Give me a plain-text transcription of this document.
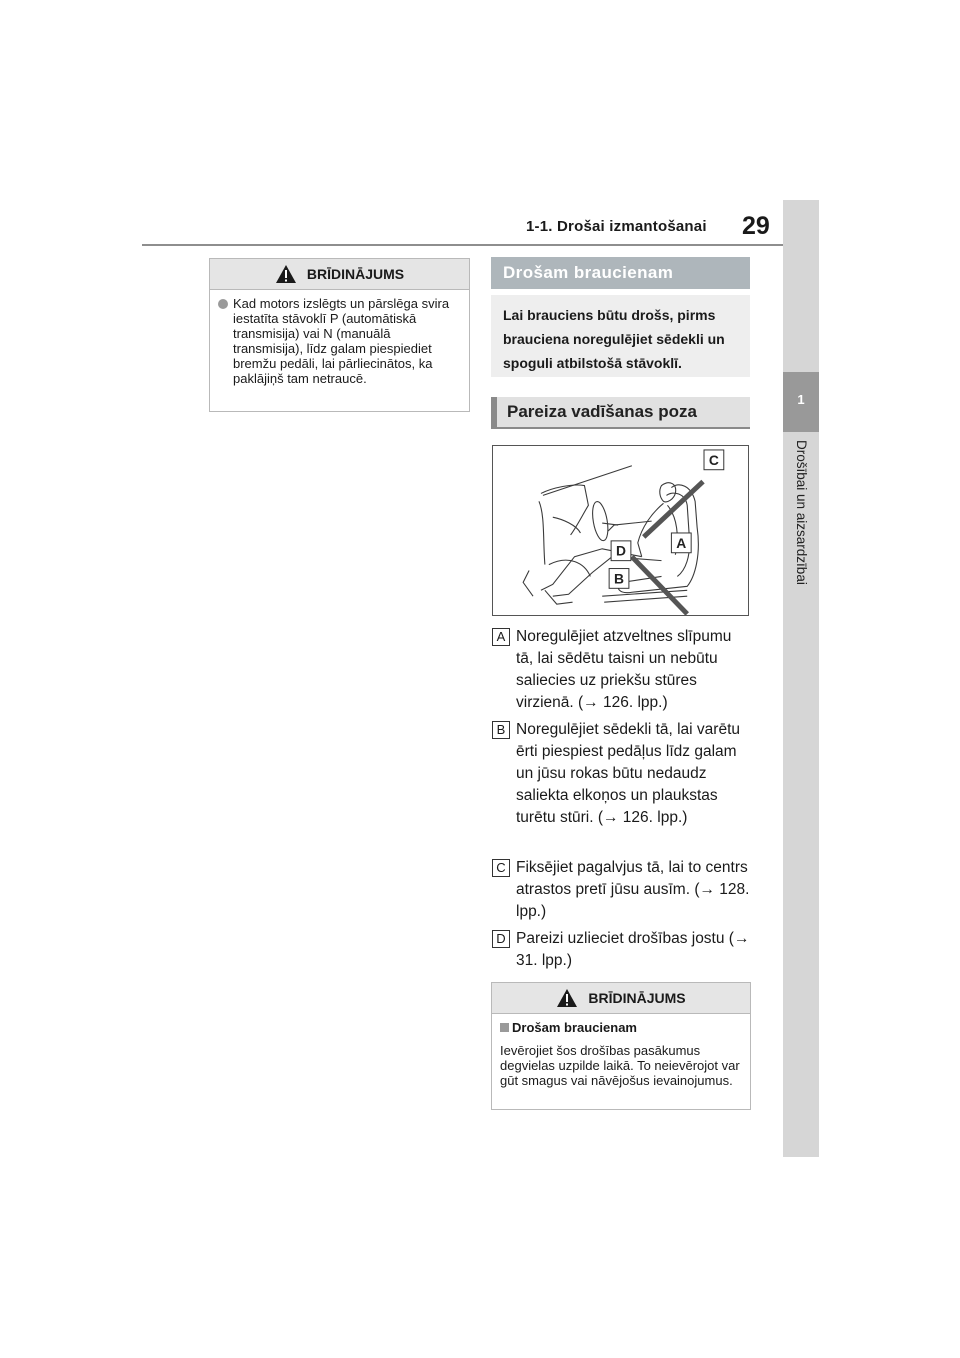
1-1. Drošai izmantošanai 29
1
Drošībai un aizsardzībai
BRĪDINĀJUMS
Kad motors izslēgts un pārslēga svira iestatīta stāvoklī P (automātiskā transmisija) vai N (manuālā transmisija), līdz galam piespiediet bremžu pedāli, lai pārliecinātos, ka paklājiņš tam netraucē.
Drošam braucienam
Lai brauciens būtu drošs, pirms brauciena noregulējiet sēdekli un spoguli atbilstošā stāvoklī.
Pareiza vadīšanas poza
C
A
D
B
A Noregulējiet atzveltnes slīpumu tā, lai sēdētu taisni un nebūtu saliecies uz priekšu stūres virzienā. (→ 126. lpp.)
B Noregulējiet sēdekli tā, lai varētu ērti piespiest pedāļus līdz galam un jūsu rokas būtu nedaudz saliekta elkoņos un plaukstas turētu stūri. (→ 126. lpp.)
C Fiksējiet pagalvjus tā, lai to centrs atrastos pretī jūsu ausīm. (→ 128. lpp.)
D Pareizi uzlieciet drošības jostu (→ 31. lpp.)
BRĪDINĀJUMS
Drošam braucienam
Ievērojiet šos drošības pasākumus degvielas uzpilde laikā. To neievērojot var gūt smagus vai nāvējošus ievainojumus.
